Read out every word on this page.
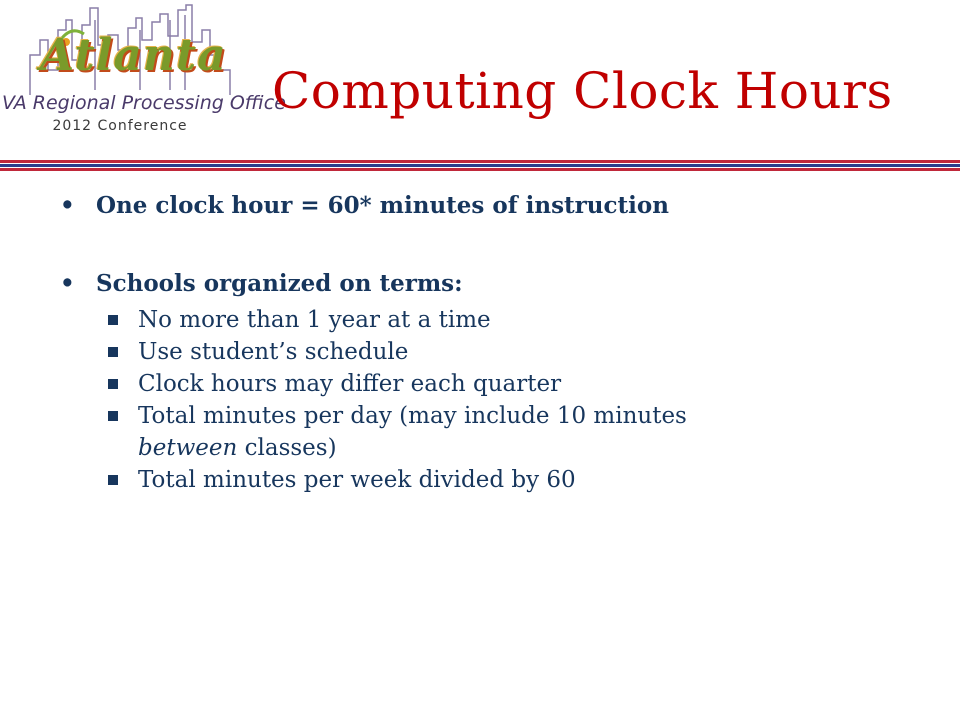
Atlanta
VA Regional Processing Office
2012 Conference
Computing Clock Hours
• One clock hour = 60* minutes of instruction
• Schools organized on terms:
No more than 1 year at a time
Use student’s schedule
Clock hours may differ each quarter
Total minutes per day (may include 10 minutes
between classes)
Total minutes per week divided by 60
